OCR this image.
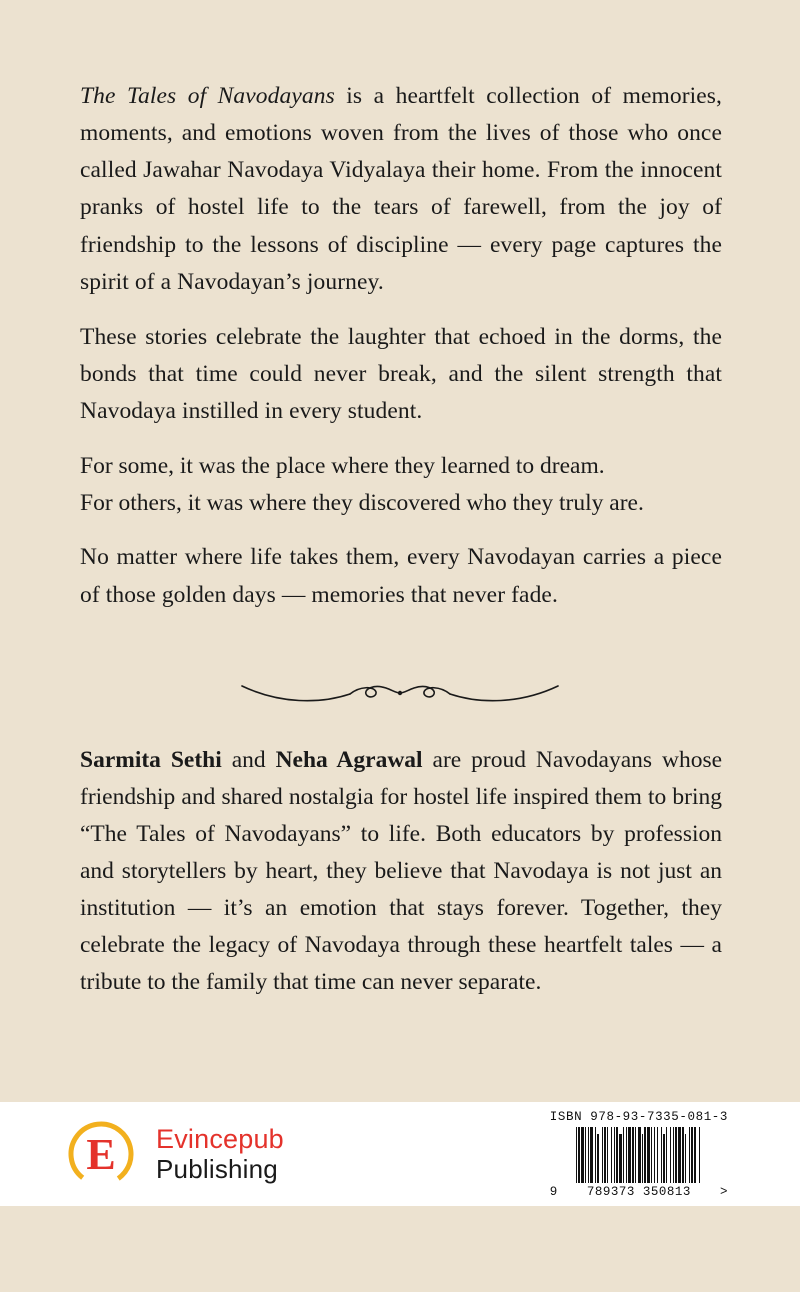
The Tales of Navodayans is a heartfelt collection of memories, moments, and emotions woven from the lives of those who once called Jawahar Navodaya Vidyalaya their home. From the innocent pranks of hostel life to the tears of farewell, from the joy of friendship to the lessons of discipline — every page captures the spirit of a Navodayan’s journey.

These stories celebrate the laughter that echoed in the dorms, the bonds that time could never break, and the silent strength that Navodaya instilled in every student.

For some, it was the place where they learned to dream.
For others, it was where they discovered who they truly are.

No matter where life takes them, every Navodayan carries a piece of those golden days — memories that never fade.

Sarmita Sethi and Neha Agrawal are proud Navodayans whose friendship and shared nostalgia for hostel life inspired them to bring “The Tales of Navodayans” to life. Both educators by profession and storytellers by heart, they believe that Navodaya is not just an institution — it’s an emotion that stays forever. Together, they celebrate the legacy of Navodaya through these heartfelt tales — a tribute to the family that time can never separate.

E Evincepub
Publishing
ISBN 978-93-7335-081-3
9 789373 350813 >
